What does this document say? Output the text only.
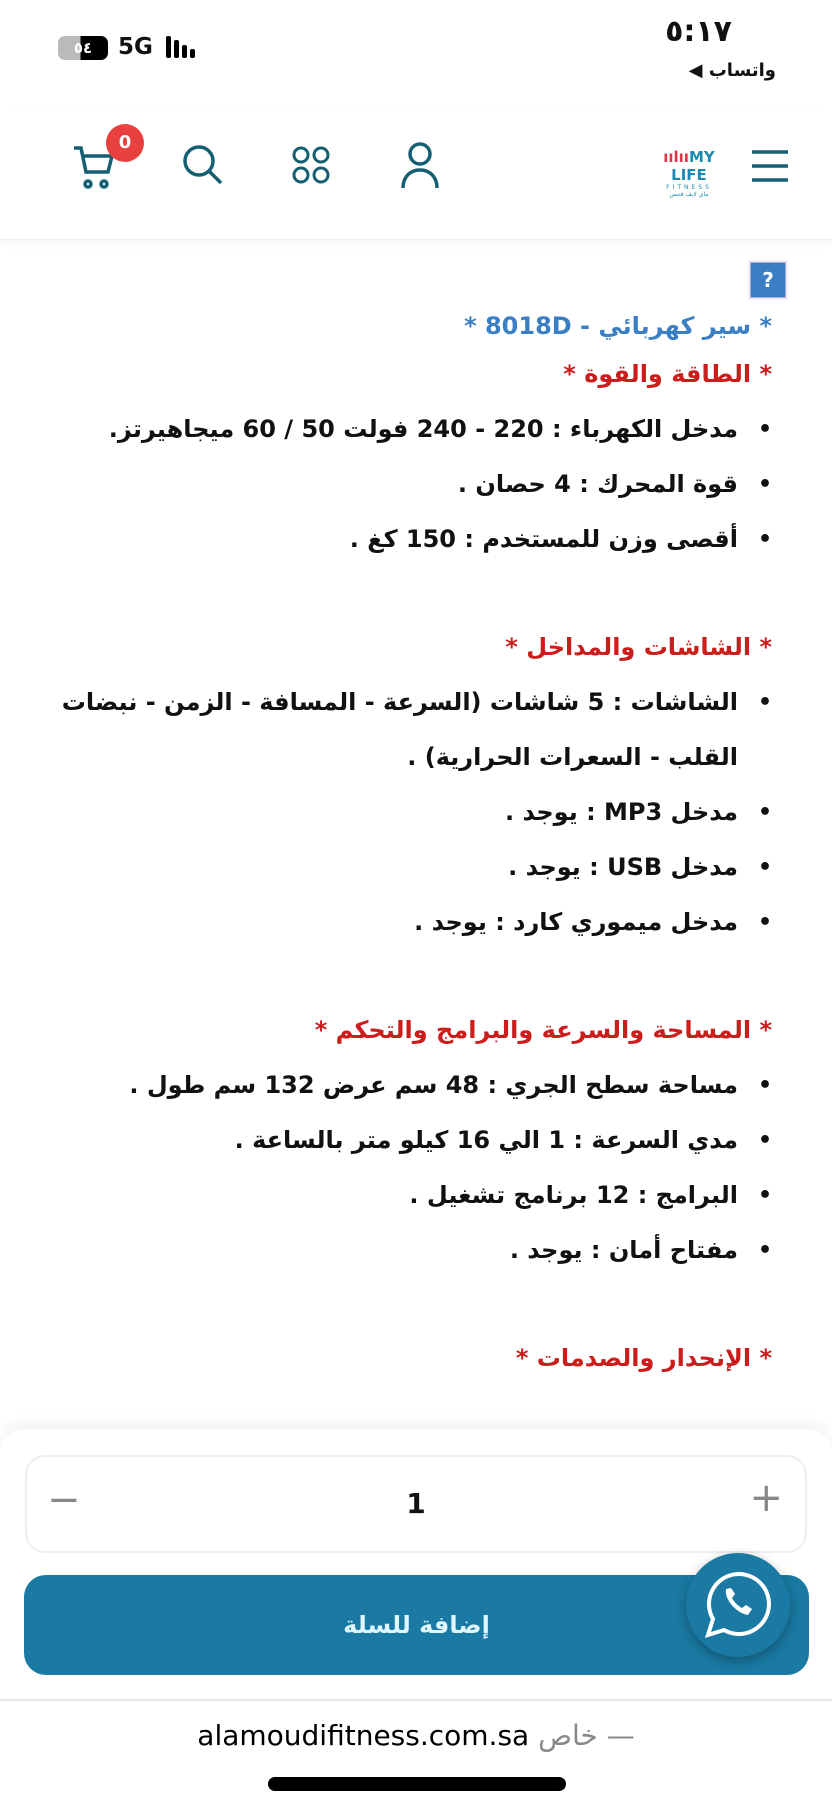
٥:١٧
◀ واتساب
٥٤	5G
0
ıılııMY LIFE
FITNESS
ماي لايف فتنس
?
* سير كهربائي - 8018D *
* الطاقة والقوة *
• مدخل الكهرباء : 220 - 240 فولت 50 / 60 ميجاهيرتز.
• قوة المحرك : 4 حصان .
• أقصى وزن للمستخدم : 150 كغ .
* الشاشات والمداخل *
• الشاشات : 5 شاشات (السرعة - المسافة - الزمن - نبضات القلب - السعرات الحرارية) .
• مدخل MP3 : يوجد .
• مدخل USB : يوجد .
• مدخل ميموري كارد : يوجد .
* المساحة والسرعة والبرامج والتحكم *
• مساحة سطح الجري : 48 سم عرض 132 سم طول .
• مدي السرعة : 1 الي 16 كيلو متر بالساعة .
• البرامج : 12 برنامج تشغيل .
• مفتاح أمان : يوجد .
* الإنحدار والصدمات *
−	1	+
إضافة للسلة
alamoudifitness.com.sa خاص —
